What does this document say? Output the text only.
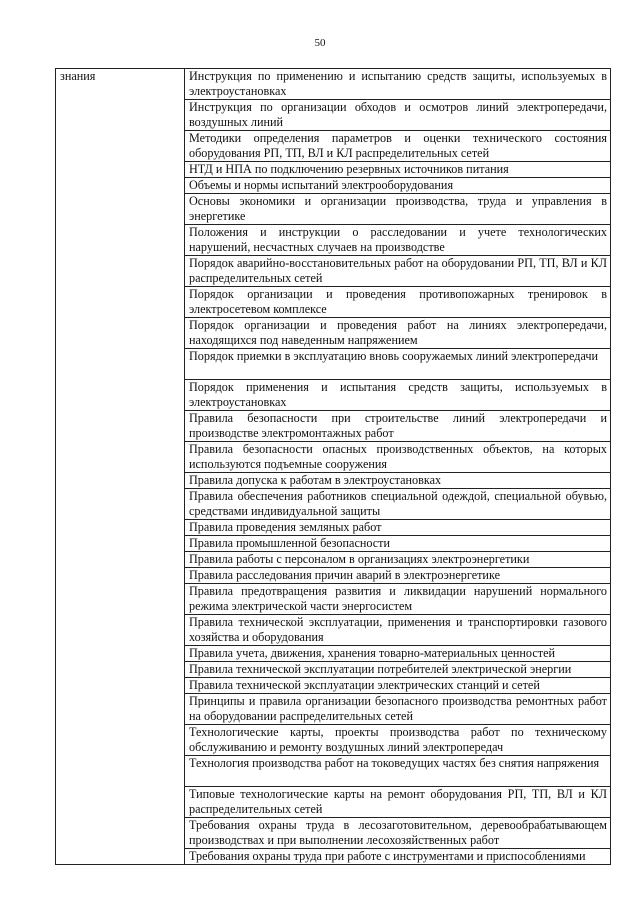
50
знания	Инструкция по применению и испытанию средств защиты, используемых в электроустановках
Инструкция по организации обходов и осмотров линий электропередачи, воздушных линий
Методики определения параметров и оценки технического состояния оборудования РП, ТП, ВЛ и КЛ распределительных сетей
НТД и НПА по подключению резервных источников питания
Объемы и нормы испытаний электрооборудования
Основы экономики и организации производства, труда и управления в энергетике
Положения и инструкции о расследовании и учете технологических нарушений, несчастных случаев на производстве
Порядок аварийно-восстановительных работ на оборудовании РП, ТП, ВЛ и КЛ распределительных сетей
Порядок организации и проведения противопожарных тренировок в электросетевом комплексе
Порядок организации и проведения работ на линиях электропередачи, находящихся под наведенным напряжением
Порядок приемки в эксплуатацию вновь сооружаемых линий электропередачи
Порядок применения и испытания средств защиты, используемых в электроустановках
Правила безопасности при строительстве линий электропередачи и производстве электромонтажных работ
Правила безопасности опасных производственных объектов, на которых используются подъемные сооружения
Правила допуска к работам в электроустановках
Правила обеспечения работников специальной одеждой, специальной обувью, средствами индивидуальной защиты
Правила проведения земляных работ
Правила промышленной безопасности
Правила работы с персоналом в организациях электроэнергетики
Правила расследования причин аварий в электроэнергетике
Правила предотвращения развития и ликвидации нарушений нормального режима электрической части энергосистем
Правила технической эксплуатации, применения и транспортировки газового хозяйства и оборудования
Правила учета, движения, хранения товарно-материальных ценностей
Правила технической эксплуатации потребителей электрической энергии
Правила технической эксплуатации электрических станций и сетей
Принципы и правила организации безопасного производства ремонтных работ на оборудовании распределительных сетей
Технологические карты, проекты производства работ по техническому обслуживанию и ремонту воздушных линий электропередач
Технология производства работ на токоведущих частях без снятия напряжения
Типовые технологические карты на ремонт оборудования РП, ТП, ВЛ и КЛ распределительных сетей
Требования охраны труда в лесозаготовительном, деревообрабатывающем производствах и при выполнении лесохозяйственных работ
Требования охраны труда при работе с инструментами и приспособлениями
